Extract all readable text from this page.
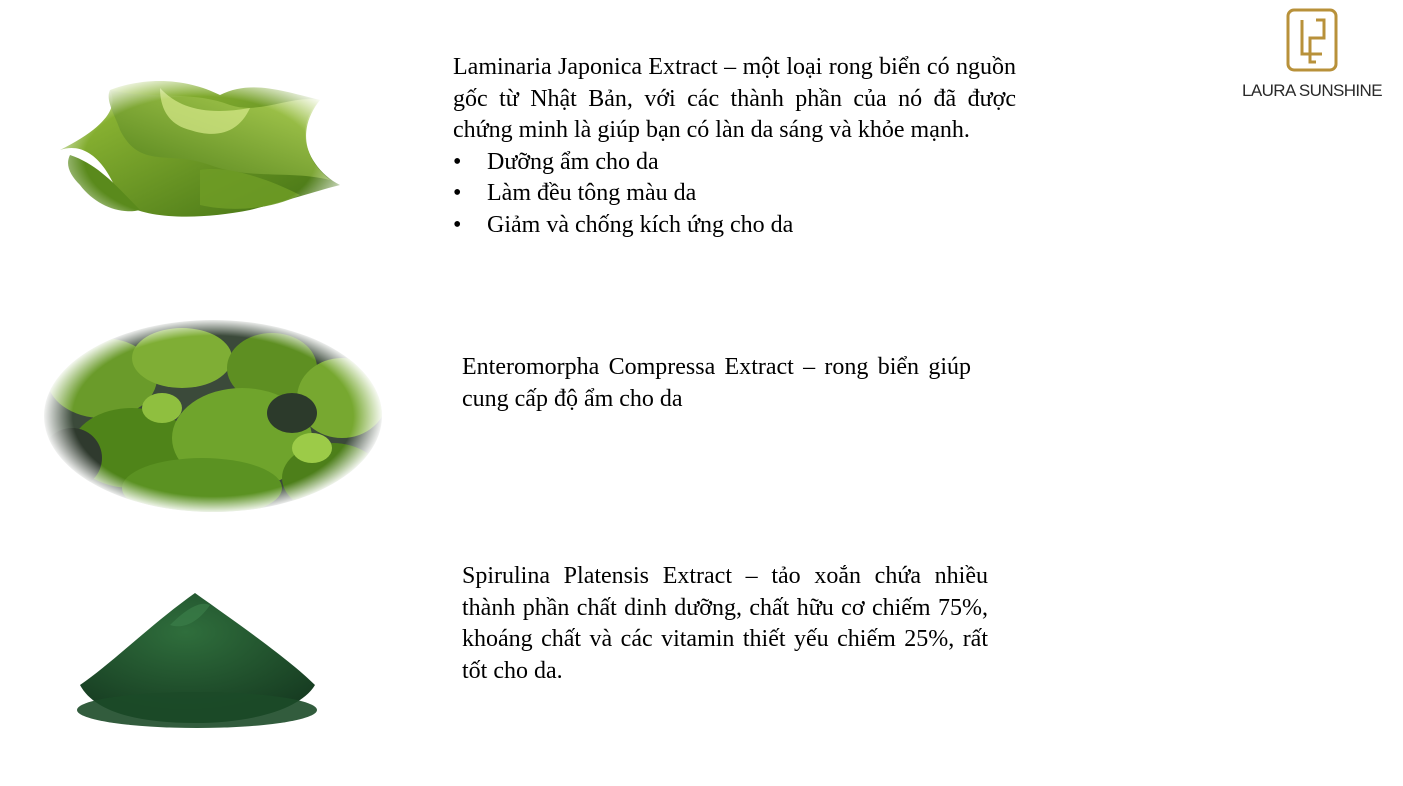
Laminaria Japonica Extract – một loại rong biển có nguồn gốc từ Nhật Bản, với các thành phần của nó đã được chứng minh là giúp bạn có làn da sáng và khỏe mạnh.
• Dưỡng ẩm cho da
• Làm đều tông màu da
• Giảm và chống kích ứng cho da
Enteromorpha Compressa Extract – rong biển giúp cung cấp độ ẩm cho da
Spirulina Platensis Extract – tảo xoắn chứa nhiều thành phần chất dinh dưỡng, chất hữu cơ chiếm 75%, khoáng chất và các vitamin thiết yếu chiếm 25%, rất tốt cho da.
LAURA SUNSHINE
